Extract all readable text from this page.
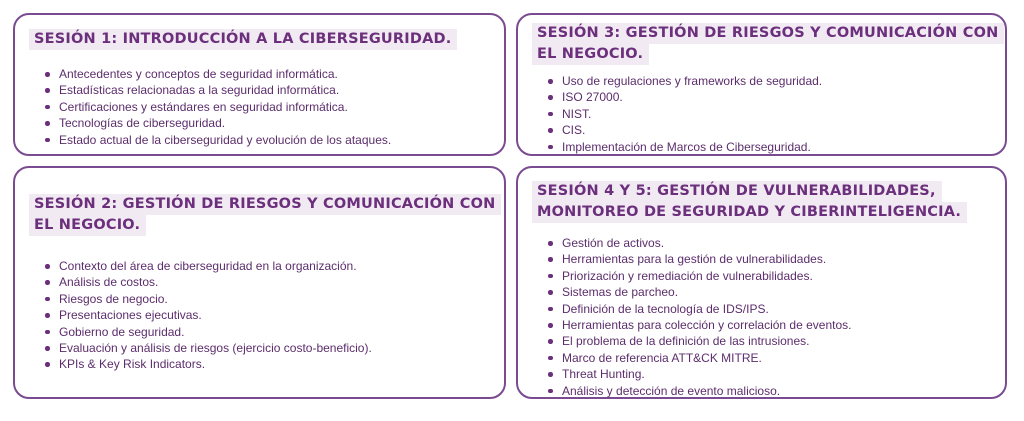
SESIÓN 1: INTRODUCCIÓN A LA CIBERSEGURIDAD.
Antecedentes y conceptos de seguridad informática.
Estadísticas relacionadas a la seguridad informática.
Certificaciones y estándares en seguridad informática.
Tecnologías de ciberseguridad.
Estado actual de la ciberseguridad y evolución de los ataques.
SESIÓN 2: GESTIÓN DE RIESGOS Y COMUNICACIÓN CON
EL NEGOCIO.
Contexto del área de ciberseguridad en la organización.
Análisis de costos.
Riesgos de negocio.
Presentaciones ejecutivas.
Gobierno de seguridad.
Evaluación y análisis de riesgos (ejercicio costo-beneficio).
KPIs & Key Risk Indicators.
SESIÓN 3: GESTIÓN DE RIESGOS Y COMUNICACIÓN CON
EL NEGOCIO.
Uso de regulaciones y frameworks de seguridad.
ISO 27000.
NIST.
CIS.
Implementación de Marcos de Ciberseguridad.
SESIÓN 4 Y 5: GESTIÓN DE VULNERABILIDADES,
MONITOREO DE SEGURIDAD Y CIBERINTELIGENCIA.
Gestión de activos.
Herramientas para la gestión de vulnerabilidades.
Priorización y remediación de vulnerabilidades.
Sistemas de parcheo.
Definición de la tecnología de IDS/IPS.
Herramientas para colección y correlación de eventos.
El problema de la definición de las intrusiones.
Marco de referencia ATT&CK MITRE.
Threat Hunting.
Análisis y detección de evento malicioso.
